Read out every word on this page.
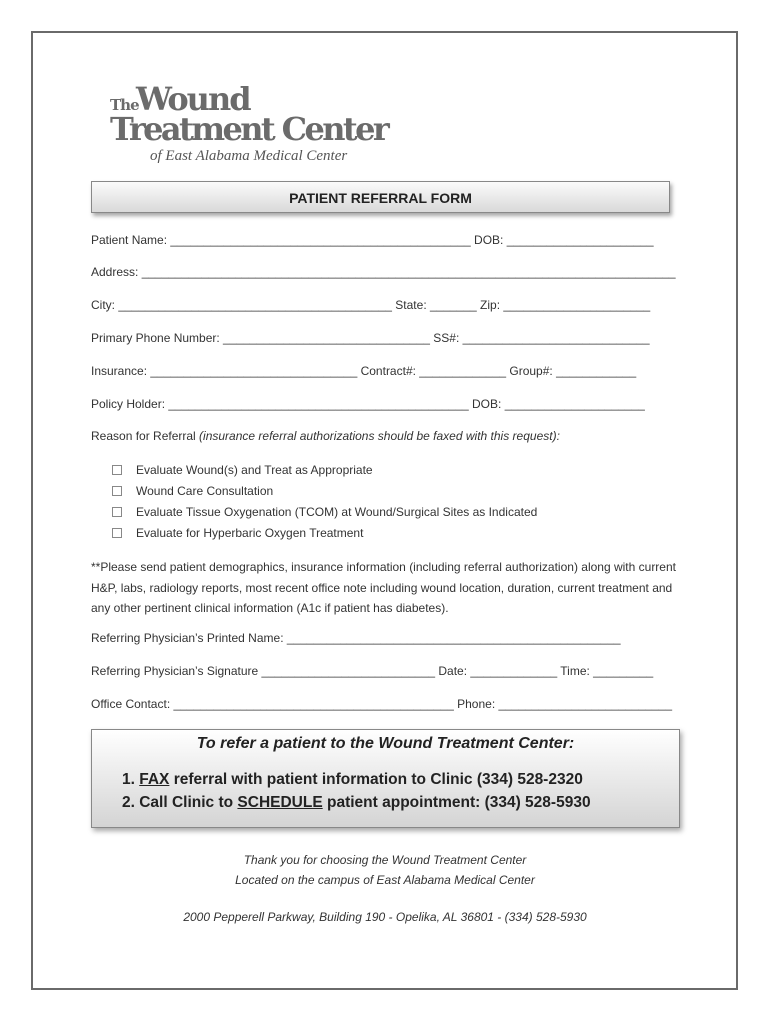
The
Wound
Treatment Center
of East Alabama Medical Center
PATIENT REFERRAL FORM
Patient Name: _____________________________________________ DOB: ______________________
Address: ________________________________________________________________________________
City: _________________________________________ State: _______ Zip: ______________________
Primary Phone Number: _______________________________ SS#: ____________________________
Insurance: _______________________________ Contract#: _____________ Group#: ____________
Policy Holder: _____________________________________________ DOB: _____________________
Reason for Referral (insurance referral authorizations should be faxed with this request):
Evaluate Wound(s) and Treat as Appropriate
Wound Care Consultation
Evaluate Tissue Oxygenation (TCOM) at Wound/Surgical Sites as Indicated
Evaluate for Hyperbaric Oxygen Treatment
**Please send patient demographics, insurance information (including referral authorization) along with current H&P, labs, radiology reports, most recent office note including wound location, duration, current treatment and any other pertinent clinical information (A1c if patient has diabetes).
Referring Physician’s Printed Name: __________________________________________________
Referring Physician’s Signature __________________________ Date: _____________ Time: _________
Office Contact: __________________________________________ Phone: __________________________
To refer a patient to the Wound Treatment Center:
1. FAX referral with patient information to Clinic (334) 528-2320
2. Call Clinic to SCHEDULE patient appointment: (334) 528-5930
Thank you for choosing the Wound Treatment Center
Located on the campus of East Alabama Medical Center
2000 Pepperell Parkway, Building 190 - Opelika, AL 36801 - (334) 528-5930
